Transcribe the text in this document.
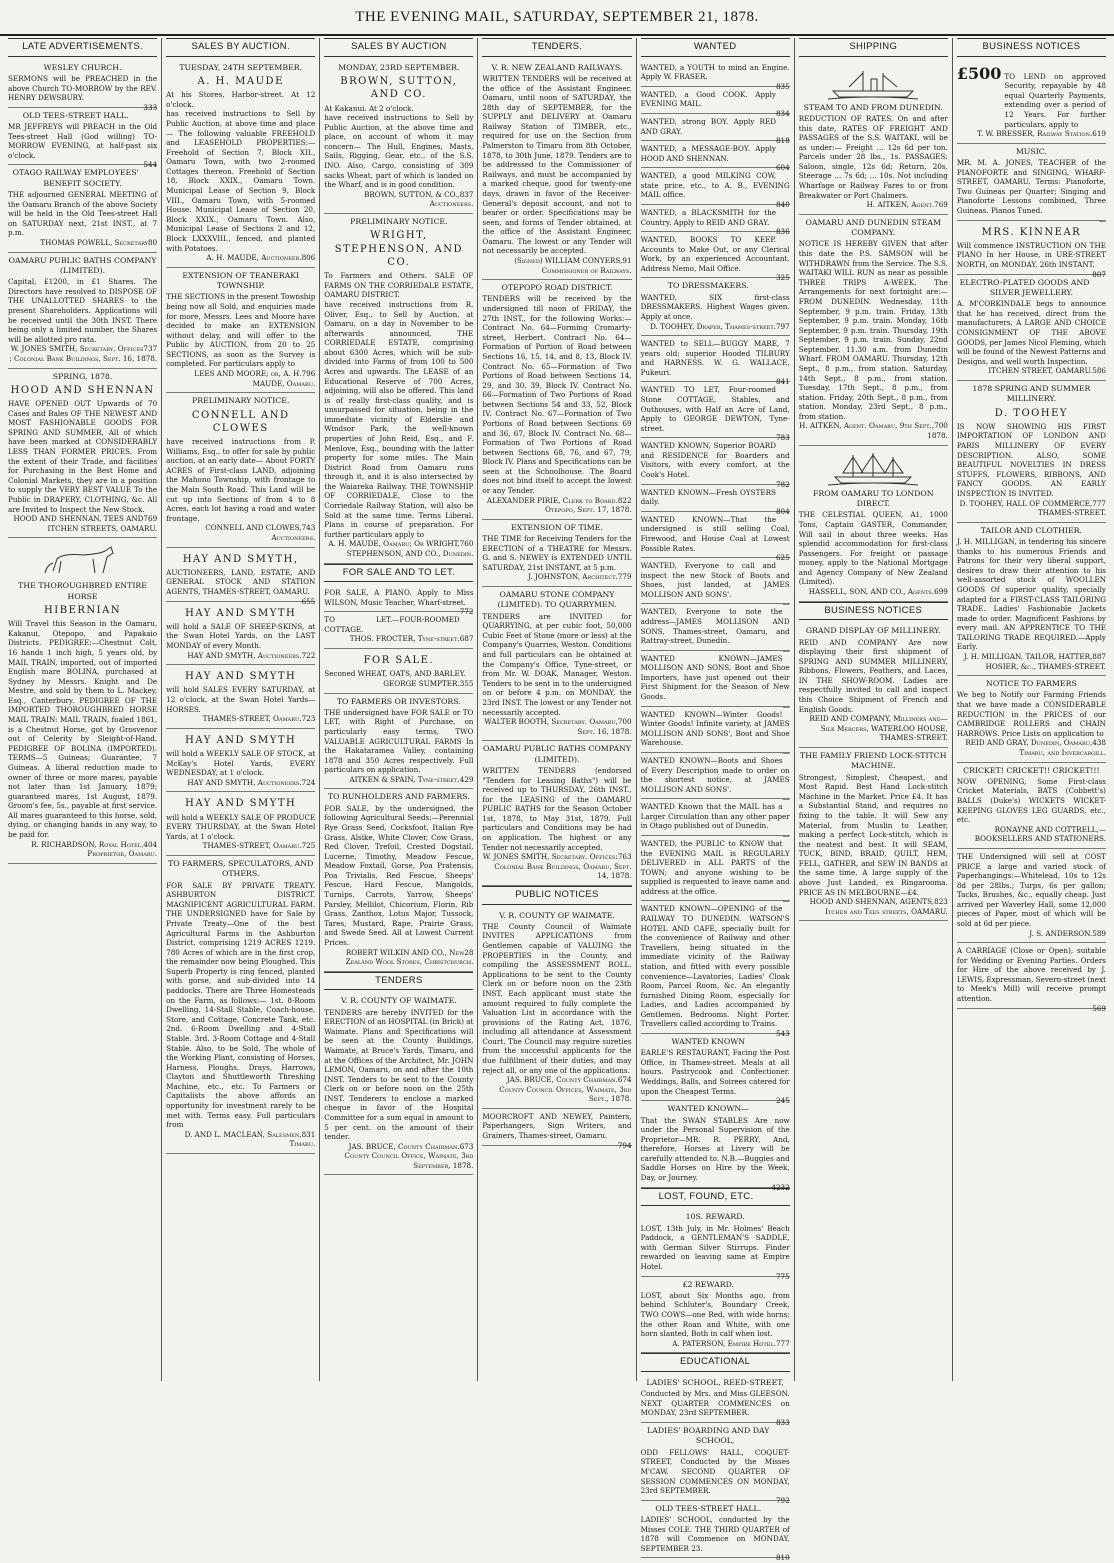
THE EVENING MAIL, SATURDAY, SEPTEMBER 21, 1878.
LATE ADVERTISEMENTS.
WESLEY CHURCH.
SERMONS will be PREACHED in the above Church TO-MORROW by the REV. HENRY DEWSBURY.
333
OLD TEES-STREET HALL.
MR JEFFREYS will PREACH in the Old Tees-street Hall (God willing) TO-MORROW EVENING, at half-past six o'clock.
544
OTAGO RAILWAY EMPLOYEES' BENEFIT SOCIETY.
THE adjourned GENERAL MEETING of the Oamaru Branch of the above Society will be held in the Old Tees-street Hall on SATURDAY next, 21st INST., at 7 p.m.
80
THOMAS POWELL, Secretary
OAMARU PUBLIC BATHS COMPANY (LIMITED).
Capital, £1200, in £1 Shares. The Directors have resolved to DISPOSE OF THE UNALLOTTED SHARES to the present Shareholders. Applications will be received until the 30th INST. There being only a limited number, the Shares will be allotted pro rata.
737
W. JONES SMITH, Secretary. Offices : Colonial Bank Buildings, Sept. 16, 1878.
SPRING, 1878.
HOOD AND SHENNAN
HAVE OPENED OUT Upwards of 70 Cases and Bales OF THE NEWEST AND MOST FASHIONABLE GOODS FOR SPRING AND SUMMER, All of which have been marked at CONSIDERABLY LESS THAN FORMER PRICES. From the extent of their Trade, and facilities for Purchasing in the Best Home and Colonial Markets, they are in a position to supply the VERY BEST VALUE To the Public in DRAPERY, CLOTHING, &c. All are Invited to Inspect the New Stock.
769
HOOD AND SHENNAN, TEES AND ITCHEN STREETS, OAMARU.
THE THOROUGHBRED ENTIRE HORSE
HIBERNIAN
Will Travel this Season in the Oamaru, Kakanui, Otepopo, and Papakaio Districts. PEDIGREE:—Chestnut Colt, 16 hands 1 inch high, 5 years old, by MAIL TRAIN, imported, out of imported English mare BOLINA, purchased at Sydney by Messrs. Knight and De Mestre, and sold by them to L. Mackey, Esq., Canterbury. PEDIGREE OF THE IMPORTED THOROUGHBRED HORSE MAIL TRAIN: MAIL TRAIN, foaled 1861, is a Chestnut Horse, got by Grosvenor out of Celerity by Sleight-of-Hand. PEDIGREE OF BOLINA (IMPORTED). TERMS—5 Guineas; Guarantee, 7 Guineas. A liberal reduction made to owner of three or more mares, payable not later than 1st January, 1879; guaranteed mares, 1st August, 1879. Groom's fee, 5s., payable at first service. All mares guaranteed to this horse, sold, dying, or changing hands in any way, to be paid for.
404
R. RICHARDSON, Royal Hotel, Proprietor, Oamaru.
SALES BY AUCTION.
TUESDAY, 24TH SEPTEMBER.
A. H. MAUDE
At his Stores, Harbor-street. At 12 o'clock.
has received instructions to Sell by Public Auction, at above time and place— The following valuable FREEHOLD and LEASEHOLD PROPERTIES:— Freehold of Section 7, Block XII., Oamaru Town, with two 2-roomed Cottages thereon. Freehold of Section 18, Block XXIX., Oamaru Town. Municipal Lease of Section 9, Block VIII., Oamaru Town, with 5-roomed House. Municipal Lease of Section 20, Block XXIX., Oamaru Town. Also, Municipal Lease of Sections 2 and 12, Block LXXXVIII., fenced, and planted with Potatoes.
806
A. H. MAUDE, Auctioneer.
EXTENSION OF TEANERAKI TOWNSHIP.
THE SECTIONS in the present Township being now all Sold, and enquiries made for more, Messrs. Lees and Moore have decided to make an EXTENSION without delay, and will offer to the Public by AUCTION, from 20 to 25 SECTIONS, as soon as the Survey is completed. For particulars apply to
796
LEES AND MOORE; or, A. H. MAUDE, Oamaru.
PRELIMINARY NOTICE.
CONNELL AND CLOWES
have received instructions from P. Williams, Esq., to offer for sale by public auction, at an early date— About FORTY ACRES of First-class LAND, adjoining the Mahono Township, with frontage to the Main South Road. This Land will be cut up into Sections of from 4 to 8 Acres, each lot having a road and water frontage.
743
CONNELL AND CLOWES, Auctioneers.
HAY AND SMYTH,
AUCTIONEERS, LAND, ESTATE, AND GENERAL STOCK AND STATION AGENTS, THAMES-STREET, OAMARU.
655
HAY AND SMYTH
will hold a SALE OF SHEEP-SKINS, at the Swan Hotel Yards, on the LAST MONDAY of every Month.
722
HAY AND SMYTH, Auctioneers.
HAY AND SMYTH
will hold SALES EVERY SATURDAY, at 12 o'clock, at the Swan Hotel Yards—HORSES.
723
THAMES-STREET, Oamaru.
HAY AND SMYTH
will hold a WEEKLY SALE OF STOCK, at McKay's Hotel Yards, EVERY WEDNESDAY, at 1 o'clock.
724
HAY AND SMYTH, Auctioneers.
HAY AND SMYTH
will hold a WEEKLY SALE OF PRODUCE EVERY THURSDAY, at the Swan Hotel Yards, at 1 o'clock.
725
THAMES-STREET, Oamaru.
TO FARMERS, SPECULATORS, AND OTHERS.
FOR SALE BY PRIVATE TREATY. ASHBURTON DISTRICT. MAGNIFICENT AGRICULTURAL FARM. THE UNDERSIGNED have for Sale by Private Treaty—One of the best Agricultural Farms in the Ashburton District, comprising 1219 ACRES 1219. 780 Acres of which are in the first crop, the remainder now being Ploughed. This Superb Property is ring fenced, planted with gorse, and sub-divided into 14 paddocks. There are Three Homesteads on the Farm, as follows:— 1st. 8-Room Dwelling, 14-Stall Stable, Coach-house, Store, and Cottage, Concrete Tank, etc. 2nd. 6-Room Dwelling and 4-Stall Stable. 3rd. 3-Room Cottage and 4-Stall Stable. Also, to be Sold, The whole of the Working Plant, consisting of Horses, Harness, Ploughs, Drays, Harrows, Clayton and Shuttleworth Threshing Machine, etc., etc. To Farmers or Capitalists the above affords an opportunity for investment rarely to be met with. Terms easy. Full particulars from
831
D. AND L. MACLEAN, Salesmen, Timaru.
SALES BY AUCTION
MONDAY, 23RD SEPTEMBER.
BROWN, SUTTON, AND CO.
At Kakanui. At 2 o'clock.
have received instructions to Sell by Public Auction, at the above time and place, on account of whom it may concern— The Hull, Engines, Masts, Sails, Rigging, Gear, etc., of the S.S. INO. Also, Cargo, consisting of 309 sacks Wheat, part of which is landed on the Wharf, and is in good condition.
837
BROWN, SUTTON, & CO., Auctioneers.
PRELIMINARY NOTICE.
WRIGHT, STEPHENSON, AND CO.
To Farmers and Others. SALE OF FARMS ON THE CORRIEDALE ESTATE, OAMARU DISTRICT.
have received instructions from R. Oliver, Esq., to Sell by Auction, at Oamaru, on a day in November to be afterwards announced, THE CORRIEDALE ESTATE, comprising about 6300 Acres, which will be sub-divided into Farms of from 100 to 500 Acres and upwards. The LEASE of an Educational Reserve of 700 Acres, adjoining, will also be offered. This land is of really first-class quality, and is unsurpassed for situation, being in the immediate vicinity of Elderslie and Windsor Park, the well-known properties of John Reid, Esq., and F. Menlove, Esq., bounding with the latter property for some miles. The Main District Road from Oamaru runs through it, and it is also intersected by the Waiareka Railway. THE TOWNSHIP OF CORRIEDALE, Close to the Corriedale Railway Station, will also be Sold at the same time. Terms Liberal. Plans in course of preparation. For further particulars apply to
760
A. H. MAUDE, Oamaru; Or WRIGHT, STEPHENSON, AND CO., Dunedin.
FOR SALE AND TO LET.
FOR SALE, A PIANO. Apply to Miss WILSON, Music Teacher, Wharf-street.
772
TO LET.—FOUR-ROOMED COTTAGE.
687
THOS. FROCTER, Tyne-street.
FOR SALE.
Seconed WHEAT, OATS, AND BARLEY.
355
GEORGE SUMPTER.
TO FARMERS OR INVESTORS.
THE undersigned have FOR SALE or TO LET, with Right of Purchase, on particularly easy terms, TWO VALUABLE AGRICULTURAL FARMS In the Hakataramea Valley, containing 1878 and 350 Acres respectively. Full particulars on application.
429
AITKEN & SPAIN, Tyne-street.
TO RUNHOLDERS AND FARMERS.
FOR SALE, by the undersigned, the following Agricultural Seeds:—Perennial Rye Grass Seed, Cocksfoot, Italian Rye Grass, Alsike, White Clover, Cow Grass, Red Clover, Trefoil, Crested Dogstail, Lucerne, Timothy, Meadow Fescue, Meadow Foxtail, Gorse, Poa Pratensis, Poa Trivialis, Red Fescue, Sheeps' Fescue, Hard Fescue, Mangolds, Turnips, Carrots, Yarrow, Sheeps' Parsley, Mellilot, Chicorium, Florin, Rib Grass, Zanthox, Lotus Major, Tussock, Tares, Mustard, Rape, Prairie Grass, and Swede Seed. All at Lowest Current Prices.
28
ROBERT WILKIN AND CO., New Zealand Wool Stores, Christchurch.
TENDERS
V. R. COUNTY OF WAIMATE.
TENDERS are hereby INVITED for the ERECTION of an HOSPITAL (in Brick) at Waimate. Plans and Specifications will be seen at the County Buildings, Waimate, at Bruce's Yards, Timaru, and at the Offices of the Architect, Mr. JOHN LEMON, Oamaru, on and after the 10th INST. Tenders to be sent to the County Clerk on or before noon on the 25th INST. Tenderers to enclose a marked cheque in favor of the Hospital Committee for a sum equal in amount to 5 per cent. on the amount of their tender.
673
JAS. BRUCE, County Chairman. County Council Office, Waimate, 3rd September, 1878.
TENDERS.
V. R. NEW ZEALAND RAILWAYS.
WRITTEN TENDERS will be received at the office of the Assistant Engineer, Oamaru, until noon of SATURDAY, the 28th day of SEPTEMBER, for the SUPPLY and DELIVERY at Oamaru Railway Station of TIMBER, etc., required for use on the Section from Palmerston to Timaru from 8th October, 1878, to 30th June, 1879. Tenders are to be addressed to the Commissioner of Railways, and must be accompanied by a marked cheque, good for twenty-one days, drawn in favor of the Receiver-General's deposit account, and not to bearer or order. Specifications may be seen, and forms of Tender obtained, at the office of the Assistant Engineer, Oamaru. The lowest or any Tender will not necessarily be accepted.
91
(Signed) WILLIAM CONYERS, Commissioner of Railways.
OTEPOPO ROAD DISTRICT.
TENDERS will be received by the undersigned till noon of FRIDAY, the 27th INST., for the following Works:— Contract No. 64—Forming Cromarty-street, Herbert. Contract No. 64—Formation of Portion of Road between Sections 16, 15, 14, and 8, 13, Block IV. Contract No. 65—Formation of Two Portions of Road between Sections 14, 29, and 30, 39, Block IV. Contract No. 66—Formation of Two Portions of Road between Sections 54 and 33, 52, Block IV. Contract No. 67—Formation of Two Portions of Road between Sections 69 and 36, 67, Block IV. Contract No. 68—Formation of Two Portions of Road between Sections 68, 76, and 67, 79, Block IV. Plans and Specifications can be seen at the Schoolhouse. The Board does not bind itself to accept the lowest or any Tender.
822
ALEXANDER PIRIE, Clerk to Board. Otepopo, Sept. 17, 1878.
EXTENSION OF TIME.
THE TIME for Receiving Tenders for the ERECTION of a THEATRE for Messrs. G. and S. NEWEY is EXTENDED UNTIL SATURDAY, 21st INSTANT, at 5 p.m.
779
J. JOHNSTON, Architect.
OAMARU STONE COMPANY (LIMITED). TO QUARRYMEN.
TENDERS are INVITED for QUARRYING, at per cubic foot, 50,000 Cubic Feet of Stone (more or less) at the Company's Quarries, Weston. Conditions and full particulars can be obtained at the Company's Office, Tyne-street, or from Mr. W. DOAK, Manager, Weston. Tenders to be sent in to the undersigned on or before 4 p.m. on MONDAY, the 23rd INST. The lowest or any Tender not necessarily accepted.
700
WALTER BOOTH, Secretary. Oamaru, Sept. 16, 1878.
OAMARU PUBLIC BATHS COMPANY (LIMITED).
WRITTEN TENDERS (endorsed "Tenders for Leasing Baths") will be received up to THURSDAY, 26th INST., for the LEASING of the OAMARU PUBLIC BATHS for the Season October 1st, 1878, to May 31st, 1879. Full particulars and Conditions may be had on application. The highest or any Tender not necessarily accepted.
763
W. JONES SMITH, Secretary. Offices: Colonial Bank Buildings, Oamaru, Sept. 14, 1878.
PUBLIC NOTICES
V. R. COUNTY OF WAIMATE.
THE County Council of Waimate INVITES APPLICATIONS from Gentlemen capable of VALUING the PROPERTIES in the County, and compiling the ASSESSMENT ROLL. Applications to be sent to the County Clerk on or before noon on the 23th INST. Each applicant must state the amount required to fully complete the Valuation List in accordance with the provisions of the Rating Act, 1876, including all attendance at Assessment Court. The Council may require sureties from the successful applicants for the due fulfillment of their duties, and may reject all, or any one of the applications.
674
JAS. BRUCE, County Chairman. County Council Offices, Waimate, 3rd Sept., 1878.
MOORCROFT AND NEWEY, Painters, Paperhangers, Sign Writers, and Grainers, Thames-street, Oamaru.
794
WANTED
WANTED, a YOUTH to mind an Engine. Apply W. FRASER.
835
WANTED, a Good COOK. Apply EVENING MAIL.
834
WANTED, strong BOY. Apply RED AND GRAY.
818
WANTED, a MESSAGE-BOY. Apply HOOD AND SHENNAN.
604
WANTED, a good MILKING COW, state price, etc., to A. B., EVENING MAIL office.
840
WANTED, a BLACKSMITH for the Country. Apply to REID AND GRAY.
836
WANTED, BOOKS TO KEEP. Accounts to Make Out, or any Clerical Work, by an experienced Accountant. Address Nemo, Mail Office.
325
TO DRESSMAKERS.
WANTED, SIX first-class DRESSMAKERS. Highest Wages given. Apply at once.
797
D. TOOHEY, Draper, Thames-street.
WANTED to SELL—BUGGY MARE, 7 years old; superior Hooded TILBURY and HARNESS. W. G. WALLACE, Pukeuri.
841
WANTED TO LET, Four-roomed Stone COTTAGE, Stables, and Outhouses, with Half an Acre of Land, Apply to GEORGE DEWTON, Tyne-street.
783
WANTED KNOWN, Superior BOARD and RESIDENCE for Boarders and Visitors, with every comfort, at the Cook's Hotel.
782
WANTED KNOWN—Fresh OYSTERS daily.
804
WANTED KNOWN—That the undersigned is still selling Coal, Firewood, and House Coal at Lowest Possible Rates.
625
WANTED, Everyone to call and inspect the new Stock of Boots and Shoes, just landed, at JAMES MOLLISON AND SONS'.
—
WANTED, Everyone to note the address—JAMES MOLLISON AND SONS, Thames-street, Oamaru, and Rattray-street, Dunedin.
—
WANTED KNOWN—JAMES MOLLISON AND SONS, Boot and Shoe Importers, have just opened out their First Shipment for the Season of New Goods.
—
WANTED KNOWN—Winter Goods! Winter Goods! Infinite variety, at JAMES MOLLISON AND SONS', Boot and Shoe Warehouse.
—
WANTED KNOWN—Boots and Shoes of Every Description made to order on the shortest notice, at JAMES MOLLISON AND SONS'.
—
WANTED Known that the MAIL has a Larger Circulation than any other paper in Otago published out of Dunedin.
—
WANTED, the PUBLIC to KNOW that the EVENING MAIL is REGULARLY DELIVERED in ALL PARTS of the TOWN; and anyone wishing to be supplied is requested to leave name and address at the office.
—
WANTED KNOWN—OPENING of the RAILWAY TO DUNEDIN. WATSON'S HOTEL AND CAFE, specially built for the convenience of Railway and other Travellers, being situated in the immediate vicinity of the Railway station, and fitted with every possible convenience—Lavatories, Ladies' Cloak Room, Parcel Room, &c. An elegantly furnished Dining Room, especially for Ladies, and Ladies accompanied by Gentlemen. Bedrooms. Night Porter. Travellers called according to Trains.
543
WANTED KNOWN
EARLE'S RESTAURANT, Facing the Post Office, in Thames-street. Meals at all hours. Pastrycook and Confectioner. Weddings, Balls, and Soirees catered for upon the Cheapest Terms.
245
WANTED KNOWN—
That the SWAN STABLES Are now under the Personal Supervision of the Proprietor—MR. R. PERRY, And, therefore, Horses at Livery will be carefully attended to. N.B.—Buggies and Saddle Horses on Hire by the Week, Day, or Journey.
4232
LOST, FOUND, ETC.
10S. REWARD.
LOST, 13th July, in Mr. Holmes' Beach Paddock, a GENTLEMAN'S SADDLE, with German Silver Stirrups. Finder rewarded on leaving same at Empire Hotel.
775
£2 REWARD.
LOST, about Six Months ago, from behind Schluter's, Boundary Creek, TWO COWS—one Red, with wide horns; the other Roan and White, with one horn slanted, Both in calf when lost.
777
A. PATERSON, Empire Hotel.
EDUCATIONAL
LADIES' SCHOOL, REED-STREET,
Conducted by Mrs. and Miss GLEESON. NEXT QUARTER COMMENCES on MONDAY, 23rd SEPTEMBER.
833
LADIES' BOARDING AND DAY SCHOOL,
ODD FELLOWS' HALL, COQUET-STREET, Conducted by the Misses M'CAW. SECOND QUARTER OF SESSION COMMENCES ON MONDAY, 23rd SEPTEMBER.
792
OLD TEES-STREET HALL.
LADIES' SCHOOL, conducted by the Misses COLE. THE THIRD QUARTER of 1878 will Commence on MONDAY, SEPTEMBER 23.
810
SHIPPING
STEAM TO AND FROM DUNEDIN.
REDUCTION OF RATES. On and after this date, RATES OF FREIGHT AND PASSAGES of the S.S. WAITAKI, will be as under:— Freight ... 12s 6d per ton. Parcels under 28 lbs., 1s. PASSAGES: Saloon, single, 12s 6d; Return, 20s. Steerage ... 7s 6d; ... 10s. Not including Wharfage or Railway Fares to or from Breakwater or Port Chalmers.
769
H. AITKEN, Agent.
OAMARU AND DUNEDIN STEAM COMPANY.
NOTICE IS HEREBY GIVEN that after this date the P.S. SAMSON will be WITHDRAWN from the Service. The S.S. WAITAKI WILL RUN as near as possible THREE TRIPS A-WEEK. The Arrangements for next fortnight are:— FROM DUNEDIN. Wednesday, 11th September, 9 p.m. train. Friday, 13th September, 9 p.m. train. Monday, 16th September, 9 p.m. train. Thursday, 19th September, 9 p.m. train. Sunday, 22nd September, 11.30 a.m. from Dunedin Wharf. FROM OAMARU. Thursday, 12th Sept., 8 p.m., from station. Saturday, 14th Sept., 8 p.m., from station. Tuesday, 17th Sept., 8 p.m., from station. Friday, 20th Sept., 8 p.m., from station. Monday, 23rd Sept., 8 p.m., from station.
700
H. AITKEN, Agent. Oamaru, 9th Sept., 1878.
FROM OAMARU TO LONDON DIRECT.
THE CELESTIAL QUEEN, A1, 1000 Tons, Captain GASTER, Commander, Will sail in about three weeks. Has splendid accommodation for first-class Passengers. For freight or passage money, apply to the National Mortgage and Agency Company of New Zealand (Limited).
699
HASSELL, SON, AND CO., Agents.
BUSINESS NOTICES
GRAND DISPLAY OF MILLINERY.
REID AND COMPANY Are now displaying their first shipment of SPRING AND SUMMER MILLINERY, Ribbons, Flowers, Feathers, and Laces, IN THE SHOW-ROOM. Ladies are respectfully invited to call and inspect this Choice Shipment of French and English Goods.
—
REID AND COMPANY, Milliners and Silk Mercers, WATERLOO HOUSE, THAMES-STREET.
THE FAMILY FRIEND LOCK-STITCH MACHINE.
Strongest, Simplest, Cheapest, and Most Rapid. Best Hand Lock-stitch Machine in the Market. Price £4. It has a Substantial Stand, and requires no fixing to the table. It will Sew any Material, from Muslin to Leather, making a perfect Lock-stitch, which is the neatest and best. It will SEAM, TUCK, BIND, BRAID, QUILT, HEM, FELL, GATHER, and SEW IN BANDS at the same time. A large supply of the above Just Landed, ex Ringarooma. PRICE AS IN MELBOURNE—£4.
823
HOOD AND SHENNAN, AGENTS, Itchen and Tees streets, OAMARU.
BUSINESS NOTICES
£500 TO LEND on approved Security, repayable by 48 equal Quarterly Payments, extending over a period of 12 Years. For further particulars, apply to
619
T. W. BRESSER, Railway Station.
MUSIC.
MR. M. A. JONES, TEACHER of the PIANOFORTE and SINGING, WHARF-STREET, OAMARU. Terms: Pianoforte, Two Guineas per Quarter; Singing and Pianoforte Lessons combined, Three Guineas. Pianos Tuned.
—
MRS. KINNEAR
Will commence INSTRUCTION ON THE PIANO In her House, in URE-STREET NORTH, on MONDAY, 26th INSTANT.
807
ELECTRO-PLATED GOODS AND SILVER JEWELLERY.
A. M'CORKINDALE begs to announce that he has received, direct from the manufacturers, A LARGE AND CHOICE CONSIGNMENT OF THE ABOVE GOODS, per James Nicol Fleming, which will be found of the Newest Patterns and Designs, and well worth Inspection.
586
ITCHEN STREET, OAMARU.
1878 SPRING AND SUMMER MILLINERY.
D. TOOHEY
IS NOW SHOWING HIS FIRST IMPORTATION OF LONDON AND PARIS MILLINERY OF EVERY DESCRIPTION. ALSO, SOME BEAUTIFUL NOVELTIES IN DRESS STUFFS, FLOWERS, RIBBONS, AND FANCY GOODS. AN EARLY INSPECTION IS INVITED.
777
D. TOOHEY, HALL OF COMMERCE, THAMES-STREET.
TAILOR AND CLOTHIER.
J. H. MILLIGAN, in tendering his sincere thanks to his numerous Friends and Patrons for their very liberal support, desires to draw their attention to his well-assorted stock of WOOLLEN GOODS Of superior quality, specially adapted for a FIRST-CLASS TAILORING TRADE. Ladies' Fashionable Jackets made to order. Magnificent Fashions by every mail. AN APPRENTICE TO THE TAILORING TRADE REQUIRED.—Apply Early.
887
J. H. MILLIGAN, TAILOR, HATTER, HOSIER, &c., THAMES-STREET.
NOTICE TO FARMERS
We beg to Notify our Farming Friends that we have made a CONSIDERABLE REDUCTION in the PRICES of our CAMBRIDGE ROLLERS and CHAIN HARROWS. Price Lists on application to
438
REID AND GRAY, Dunedin, Oamaru, Timaru, and Invercargill.
CRICKET! CRICKET!! CRICKET!!!
NOW OPENING, Some First-class Cricket Materials, BATS (Cobbett's) BALLS (Duke's) WICKETS WICKET-KEEPING GLOVES LEG GUARDS, etc., etc.
—
RONAYNE AND COTTRELL, BOOKSELLERS AND STATIONERS.
THE Undersigned will sell at COST PRICE a large and varied stock of Paperhangings:—Whitelead, 10s to 12s 8d per 28lbs.; Turps, 6s per gallon; Tacks, Brushes, &c., equally cheap. Just arrived per Waverley Hall, some 12,000 pieces of Paper, most of which will be sold at 6d per piece.
589
J. S. ANDERSON.
A CARRIAGE (Close or Open), suitable for Wedding or Evening Parties. Orders for Hire of the above received by J. LEWIS, Expressman, Severn-street (next to Meek's Mill) will receive prompt attention.
569
